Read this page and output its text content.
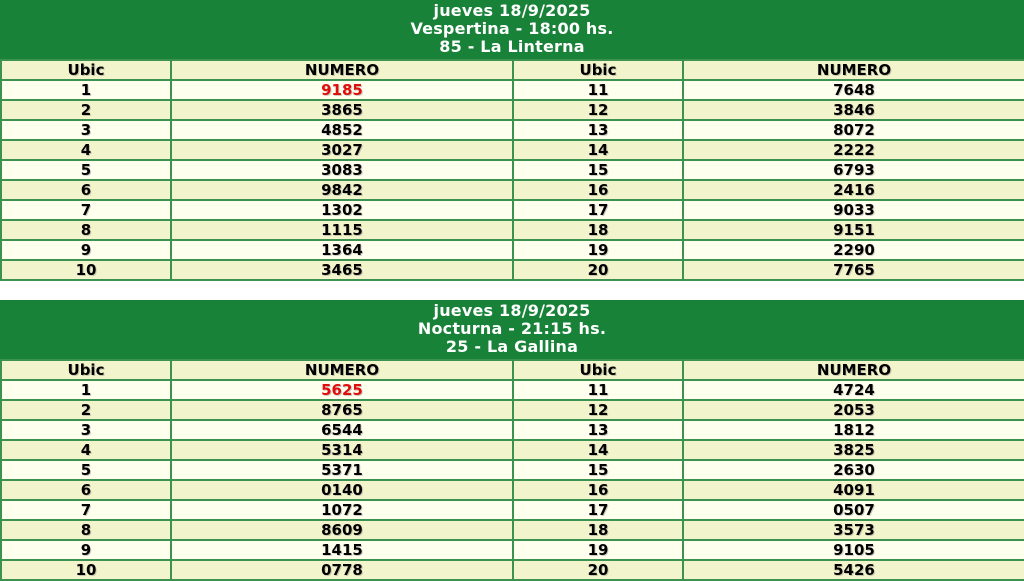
jueves 18/9/2025
Vespertina - 18:00 hs.
85 - La Linterna
Ubic	NUMERO	Ubic	NUMERO
1	9185	11	7648
2	3865	12	3846
3	4852	13	8072
4	3027	14	2222
5	3083	15	6793
6	9842	16	2416
7	1302	17	9033
8	1115	18	9151
9	1364	19	2290
10	3465	20	7765
jueves 18/9/2025
Nocturna - 21:15 hs.
25 - La Gallina
Ubic	NUMERO	Ubic	NUMERO
1	5625	11	4724
2	8765	12	2053
3	6544	13	1812
4	5314	14	3825
5	5371	15	2630
6	0140	16	4091
7	1072	17	0507
8	8609	18	3573
9	1415	19	9105
10	0778	20	5426
